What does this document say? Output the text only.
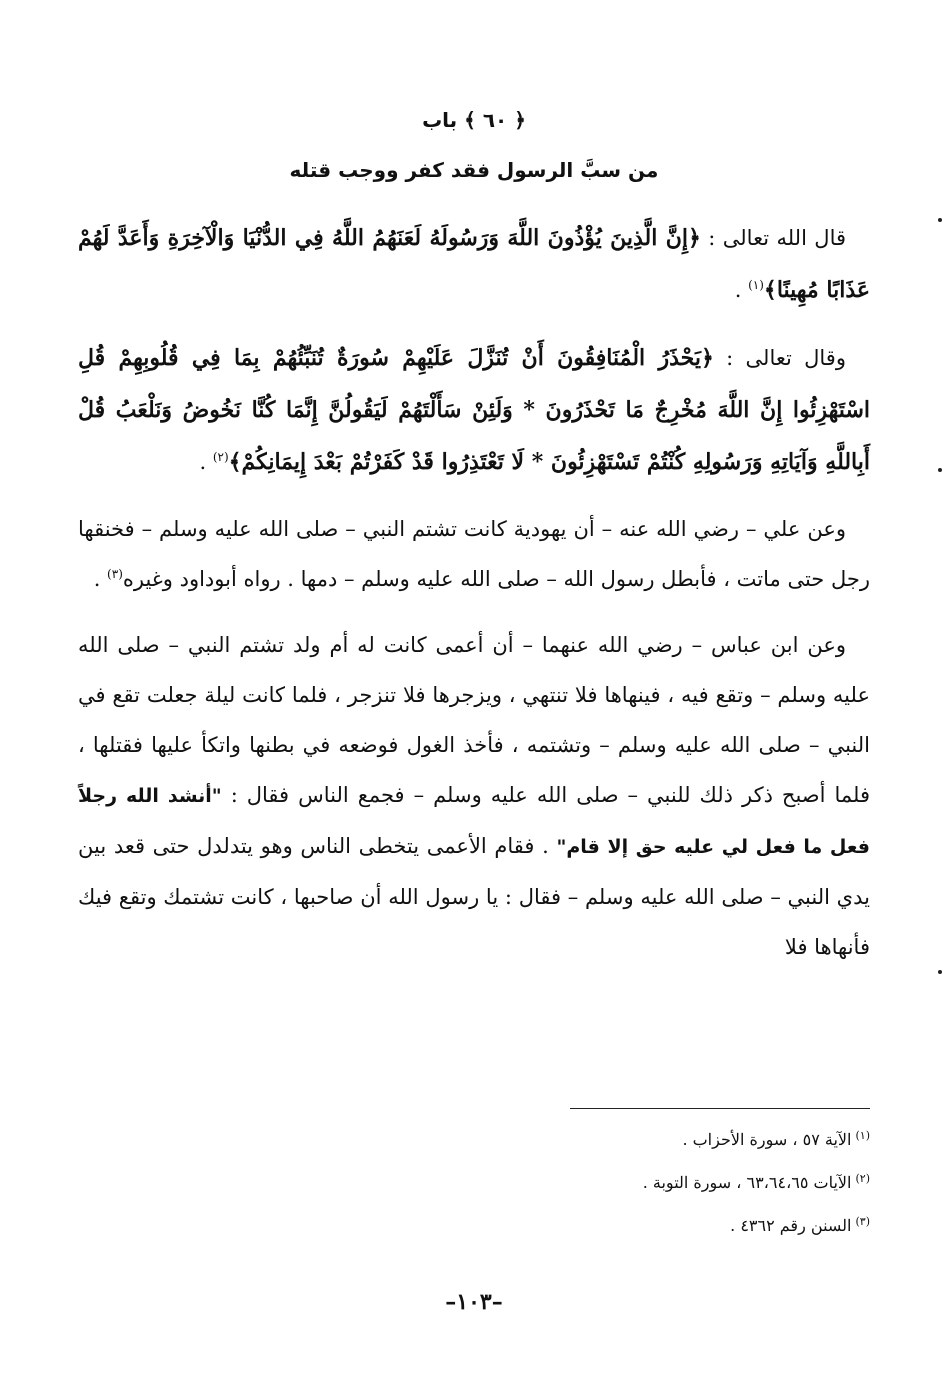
﴿ ٦٠ ﴾ باب
من سبَّ الرسول فقد كفر ووجب قتله

قال الله تعالى : ﴿إِنَّ الَّذِينَ يُؤْذُونَ اللَّهَ وَرَسُولَهُ لَعَنَهُمُ اللَّهُ فِي الدُّنْيَا وَالْآخِرَةِ وَأَعَدَّ لَهُمْ عَذَابًا مُهِينًا﴾$^{(١)}$ .

وقال تعالى : ﴿يَحْذَرُ الْمُنَافِقُونَ أَنْ تُنَزَّلَ عَلَيْهِمْ سُورَةٌ تُنَبِّئُهُمْ بِمَا فِي قُلُوبِهِمْ قُلِ اسْتَهْزِئُوا إِنَّ اللَّهَ مُخْرِجٌ مَا تَحْذَرُونَ * وَلَئِنْ سَأَلْتَهُمْ لَيَقُولُنَّ إِنَّمَا كُنَّا نَخُوضُ وَنَلْعَبُ قُلْ أَبِاللَّهِ وَآيَاتِهِ وَرَسُولِهِ كُنْتُمْ تَسْتَهْزِئُونَ * لَا تَعْتَذِرُوا قَدْ كَفَرْتُمْ بَعْدَ إِيمَانِكُمْ﴾$^{(٢)}$ .

وعن علي – رضي الله عنه – أن يهودية كانت تشتم النبي – صلى الله عليه وسلم – فخنقها رجل حتى ماتت ، فأبطل رسول الله – صلى الله عليه وسلم – دمها . رواه أبوداود وغيره$^{(٣)}$ .

وعن ابن عباس – رضي الله عنهما – أن أعمى كانت له أم ولد تشتم النبي – صلى الله عليه وسلم – وتقع فيه ، فينهاها فلا تنتهي ، ويزجرها فلا تنزجر ، فلما كانت ليلة جعلت تقع في النبي – صلى الله عليه وسلم – وتشتمه ، فأخذ الغول فوضعه في بطنها واتكأ عليها فقتلها ، فلما أصبح ذكر ذلك للنبي – صلى الله عليه وسلم – فجمع الناس فقال : "أنشد الله رجلاً فعل ما فعل لي عليه حق إلا قام" . فقام الأعمى يتخطى الناس وهو يتدلدل حتى قعد بين يدي النبي – صلى الله عليه وسلم – فقال : يا رسول الله أن صاحبها ، كانت تشتمك وتقع فيك فأنهاها فلا

$^{(١)}$الآية ٥٧ ، سورة الأحزاب .
$^{(٢)}$الآيات ٦٣،٦٤،٦٥ ، سورة التوبة .
$^{(٣)}$السنن رقم ٤٣٦٢ .
–١٠٣–
